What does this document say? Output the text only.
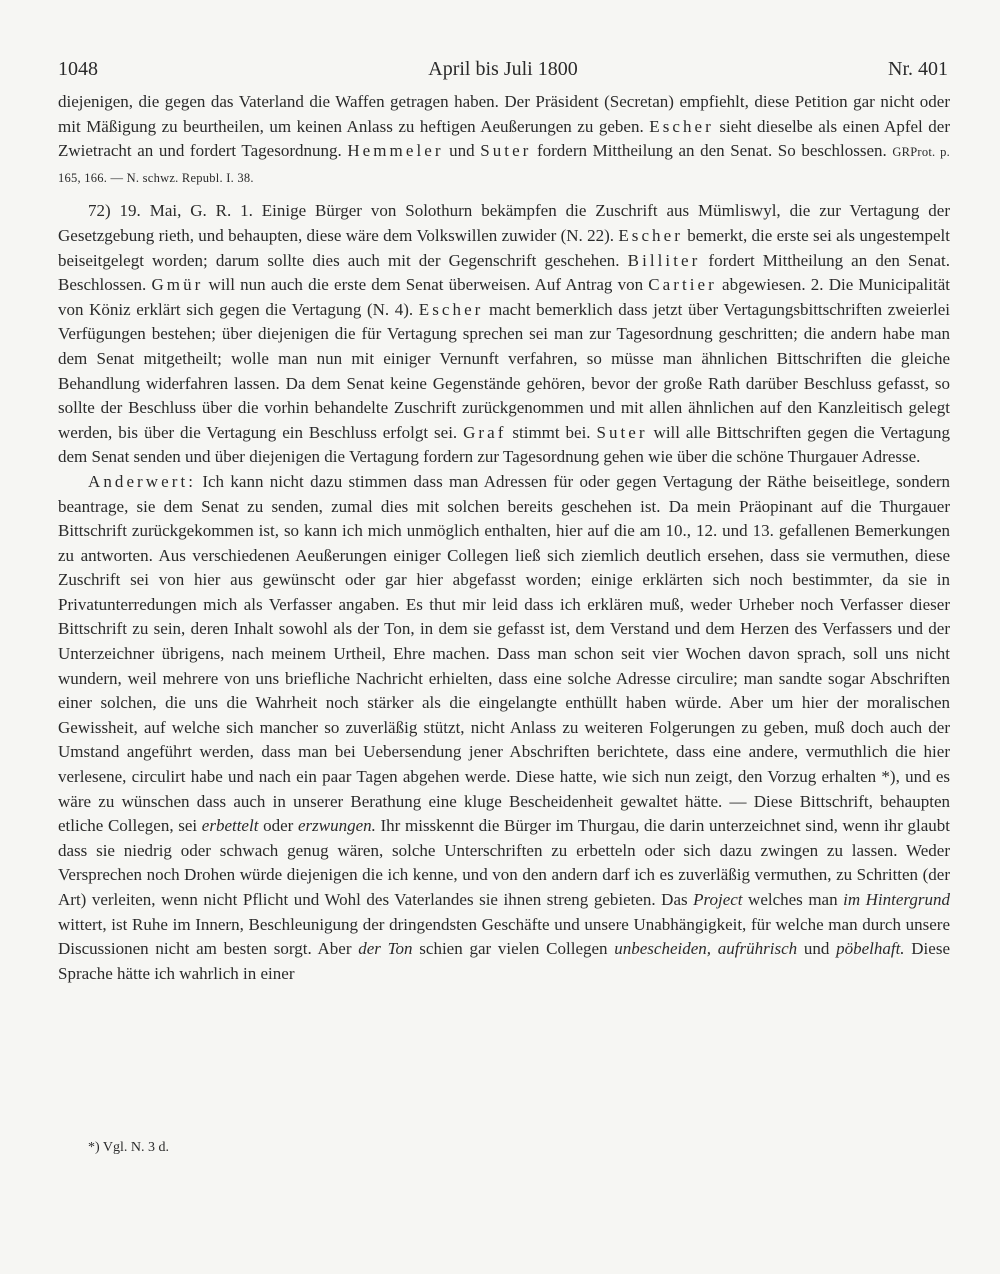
1048	April bis Juli 1800	Nr. 401

diejenigen, die gegen das Vaterland die Waffen getragen haben. Der Präsident (Secretan) empfiehlt, diese Petition gar nicht oder mit Mäßigung zu beurtheilen, um keinen Anlass zu heftigen Aeußerungen zu geben. Escher sieht dieselbe als einen Apfel der Zwietracht an und fordert Tagesordnung. Hemmeler und Suter fordern Mittheilung an den Senat. So beschlossen. GRProt. p. 165, 166. — N. schwz. Republ. I. 38.

72) 19. Mai, G. R. 1. Einige Bürger von Solothurn bekämpfen die Zuschrift aus Mümliswyl, die zur Vertagung der Gesetzgebung rieth, und behaupten, diese wäre dem Volkswillen zuwider (N. 22). Escher bemerkt, die erste sei als ungestempelt beiseitgelegt worden; darum sollte dies auch mit der Gegenschrift geschehen. Billiter fordert Mittheilung an den Senat. Beschlossen. Gmür will nun auch die erste dem Senat überweisen. Auf Antrag von Cartier abgewiesen. 2. Die Municipalität von Köniz erklärt sich gegen die Vertagung (N. 4). Escher macht bemerklich dass jetzt über Vertagungsbittschriften zweierlei Verfügungen bestehen; über diejenigen die für Vertagung sprechen sei man zur Tagesordnung geschritten; die andern habe man dem Senat mitgetheilt; wolle man nun mit einiger Vernunft verfahren, so müsse man ähnlichen Bittschriften die gleiche Behandlung widerfahren lassen. Da dem Senat keine Gegenstände gehören, bevor der große Rath darüber Beschluss gefasst, so sollte der Beschluss über die vorhin behandelte Zuschrift zurückgenommen und mit allen ähnlichen auf den Kanzleitisch gelegt werden, bis über die Vertagung ein Beschluss erfolgt sei. Graf stimmt bei. Suter will alle Bittschriften gegen die Vertagung dem Senat senden und über diejenigen die Vertagung fordern zur Tagesordnung gehen wie über die schöne Thurgauer Adresse.

Anderwert: Ich kann nicht dazu stimmen dass man Adressen für oder gegen Vertagung der Räthe beiseitlege, sondern beantrage, sie dem Senat zu senden, zumal dies mit solchen bereits geschehen ist. Da mein Präopinant auf die Thurgauer Bittschrift zurückgekommen ist, so kann ich mich unmöglich enthalten, hier auf die am 10., 12. und 13. gefallenen Bemerkungen zu antworten. Aus verschiedenen Aeußerungen einiger Collegen ließ sich ziemlich deutlich ersehen, dass sie vermuthen, diese Zuschrift sei von hier aus gewünscht oder gar hier abgefasst worden; einige erklärten sich noch bestimmter, da sie in Privatunterredungen mich als Verfasser angaben. Es thut mir leid dass ich erklären muß, weder Urheber noch Verfasser dieser Bittschrift zu sein, deren Inhalt sowohl als der Ton, in dem sie gefasst ist, dem Verstand und dem Herzen des Verfassers und der Unterzeichner übrigens, nach meinem Urtheil, Ehre machen. Dass man schon seit vier Wochen davon sprach, soll uns nicht wundern, weil mehrere von uns briefliche Nachricht erhielten, dass eine solche Adresse circulire; man sandte sogar Abschriften einer solchen, die uns die Wahrheit noch stärker als die eingelangte enthüllt haben würde. Aber um hier der moralischen Gewissheit, auf welche sich mancher so zuverläßig stützt, nicht Anlass zu weiteren Folgerungen zu geben, muß doch auch der Umstand angeführt werden, dass man bei Uebersendung jener Abschriften berichtete, dass eine andere, vermuthlich die hier verlesene, circulirt habe und nach ein paar Tagen abgehen werde. Diese hatte, wie sich nun zeigt, den Vorzug erhalten *), und es wäre zu wünschen dass auch in unserer Berathung eine kluge Bescheidenheit gewaltet hätte. — Diese Bittschrift, behaupten etliche Collegen, sei erbettelt oder erzwungen. Ihr misskennt die Bürger im Thurgau, die darin unterzeichnet sind, wenn ihr glaubt dass sie niedrig oder schwach genug wären, solche Unterschriften zu erbetteln oder sich dazu zwingen zu lassen. Weder Versprechen noch Drohen würde diejenigen die ich kenne, und von den andern darf ich es zuverläßig vermuthen, zu Schritten (der Art) verleiten, wenn nicht Pflicht und Wohl des Vaterlandes sie ihnen streng gebieten. Das Project welches man im Hintergrund wittert, ist Ruhe im Innern, Beschleunigung der dringendsten Geschäfte und unsere Unabhängigkeit, für welche man durch unsere Discussionen nicht am besten sorgt. Aber der Ton schien gar vielen Collegen unbescheiden, aufrührisch und pöbelhaft. Diese Sprache hätte ich wahrlich in einer

*) Vgl. N. 3 d.
